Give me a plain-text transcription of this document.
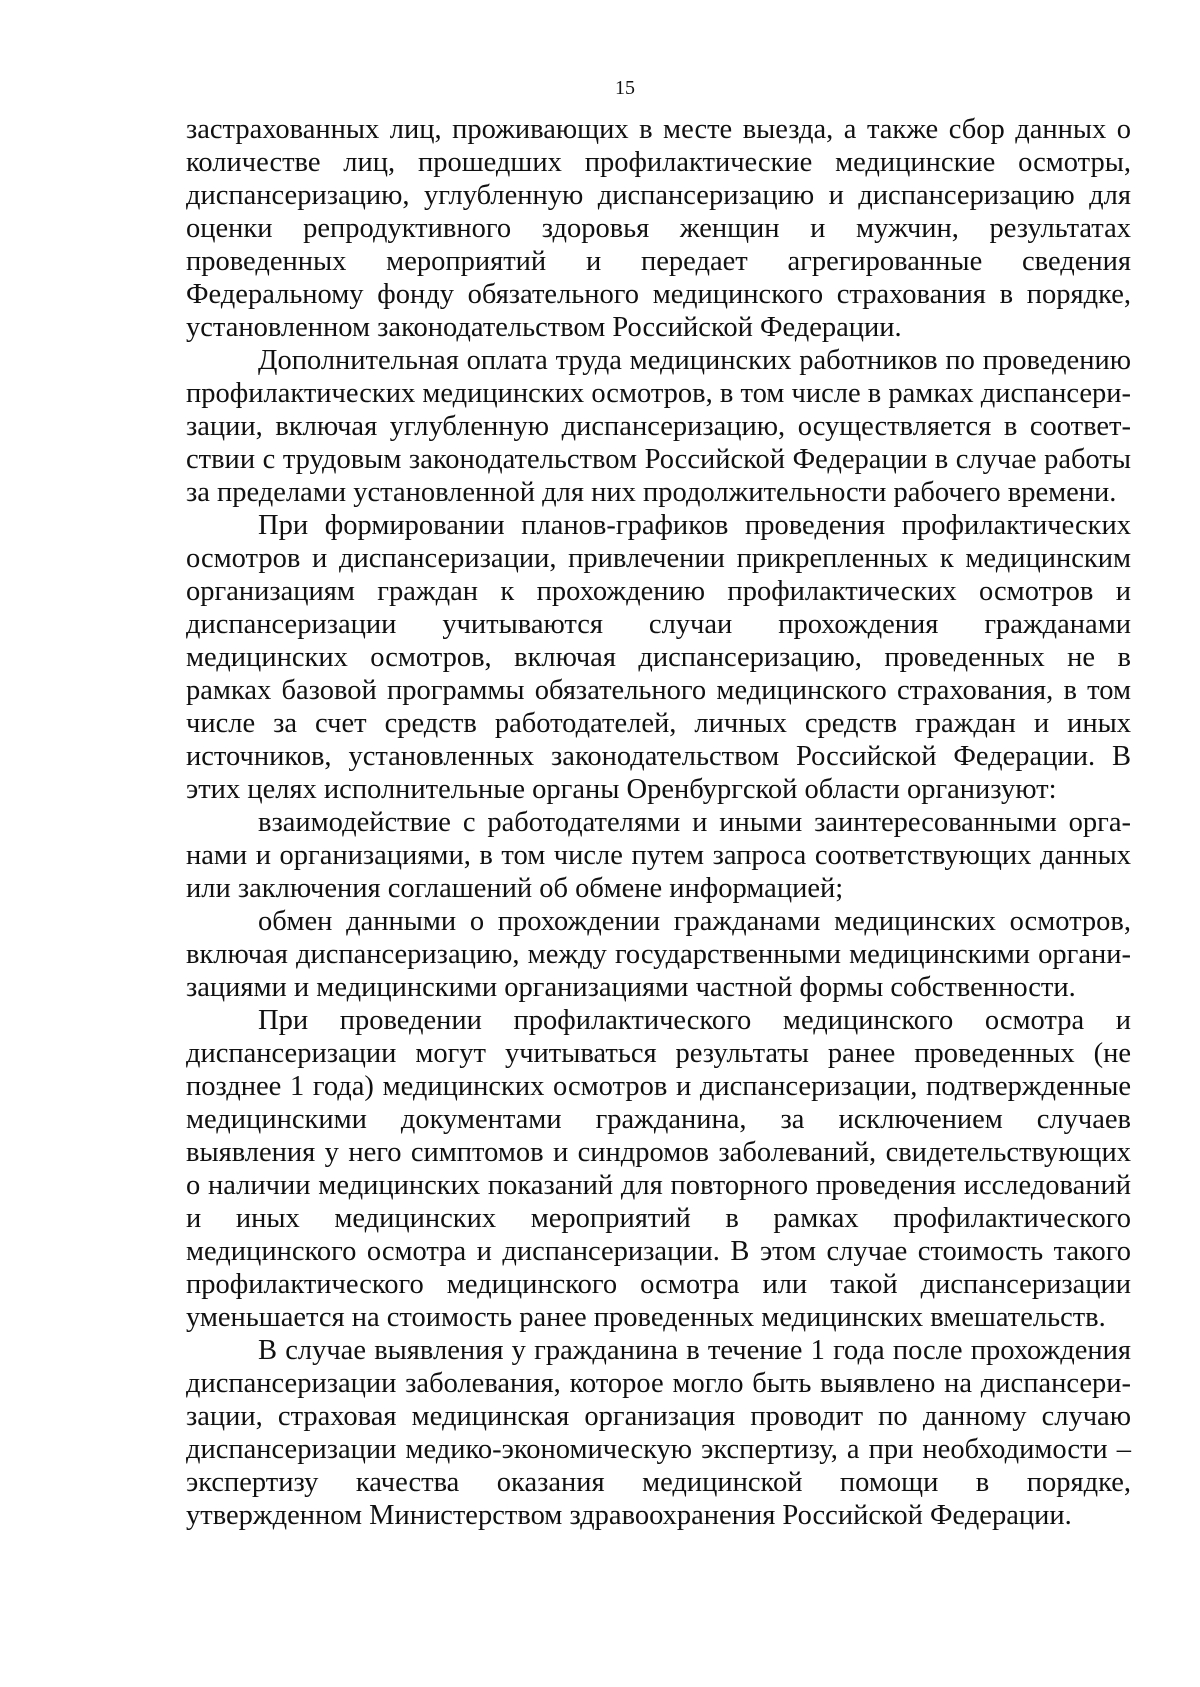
15

застрахованных лиц, проживающих в месте выезда, а также сбор данных о количестве лиц, прошедших профилактические медицинские осмотры, диспансеризацию, углубленную диспансеризацию и диспансеризацию для оценки репродуктивного здоровья женщин и мужчин, результатах проведенных мероприятий и передает агрегированные сведения Федеральному фонду обязательного медицинского страхования в порядке, установленном законодательством Российской Федерации.

Дополнительная оплата труда медицинских работников по проведению профилактических медицинских осмотров, в том числе в рамках диспансеризации, включая углубленную диспансеризацию, осуществляется в соответствии с трудовым законодательством Российской Федерации в случае работы за пределами установленной для них продолжительности рабочего времени.

При формировании планов-графиков проведения профилактических осмотров и диспансеризации, привлечении прикрепленных к медицинским организациям граждан к прохождению профилактических осмотров и диспансеризации учитываются случаи прохождения гражданами медицинских осмотров, включая диспансеризацию, проведенных не в рамках базовой программы обязательного медицинского страхования, в том числе за счет средств работодателей, личных средств граждан и иных источников, установленных законодательством Российской Федерации. В этих целях исполнительные органы Оренбургской области организуют:

взаимодействие с работодателями и иными заинтересованными органами и организациями, в том числе путем запроса соответствующих данных или заключения соглашений об обмене информацией;

обмен данными о прохождении гражданами медицинских осмотров, включая диспансеризацию, между государственными медицинскими организациями и медицинскими организациями частной формы собственности.

При проведении профилактического медицинского осмотра и диспансеризации могут учитываться результаты ранее проведенных (не позднее 1 года) медицинских осмотров и диспансеризации, подтвержденные медицинскими документами гражданина, за исключением случаев выявления у него симптомов и синдромов заболеваний, свидетельствующих о наличии медицинских показаний для повторного проведения исследований и иных медицинских мероприятий в рамках профилактического медицинского осмотра и диспансеризации. В этом случае стоимость такого профилактического медицинского осмотра или такой диспансеризации уменьшается на стоимость ранее проведенных медицинских вмешательств.

В случае выявления у гражданина в течение 1 года после прохождения диспансеризации заболевания, которое могло быть выявлено на диспансеризации, страховая медицинская организация проводит по данному случаю диспансеризации медико-экономическую экспертизу, а при необходимости – экспертизу качества оказания медицинской помощи в порядке, утвержденном Министерством здравоохранения Российской Федерации.
